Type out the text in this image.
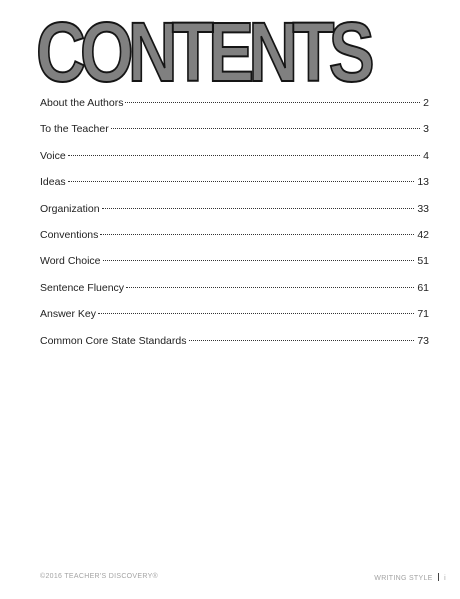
CONTENTS
About the Authors	2
To the Teacher	3
Voice	4
Ideas	13
Organization	33
Conventions	42
Word Choice	51
Sentence Fluency	61
Answer Key	71
Common Core State Standards	73
©2016 TEACHER'S DISCOVERY®	WRITING STYLE i
